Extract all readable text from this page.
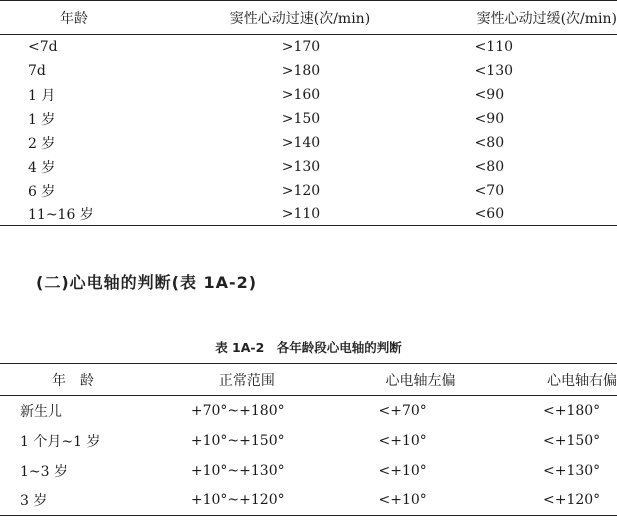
年龄	窦性心动过速(次/min)	窦性心动过缓(次/min)
<7d	>170	<110
7d	>180	<130
1 月	>160	<90
1 岁	>150	<90
2 岁	>140	<80
4 岁	>130	<80
6 岁	>120	<70
11~16 岁	>110	<60
(二)心电轴的判断(表 1A-2)
表 1A-2　各年龄段心电轴的判断
年　龄	正常范围	心电轴左偏	心电轴右偏
新生儿	+70°~+180°	<+70°	<+180°
1 个月~1 岁	+10°~+150°	<+10°	<+150°
1~3 岁	+10°~+130°	<+10°	<+130°
3 岁	+10°~+120°	<+10°	<+120°
